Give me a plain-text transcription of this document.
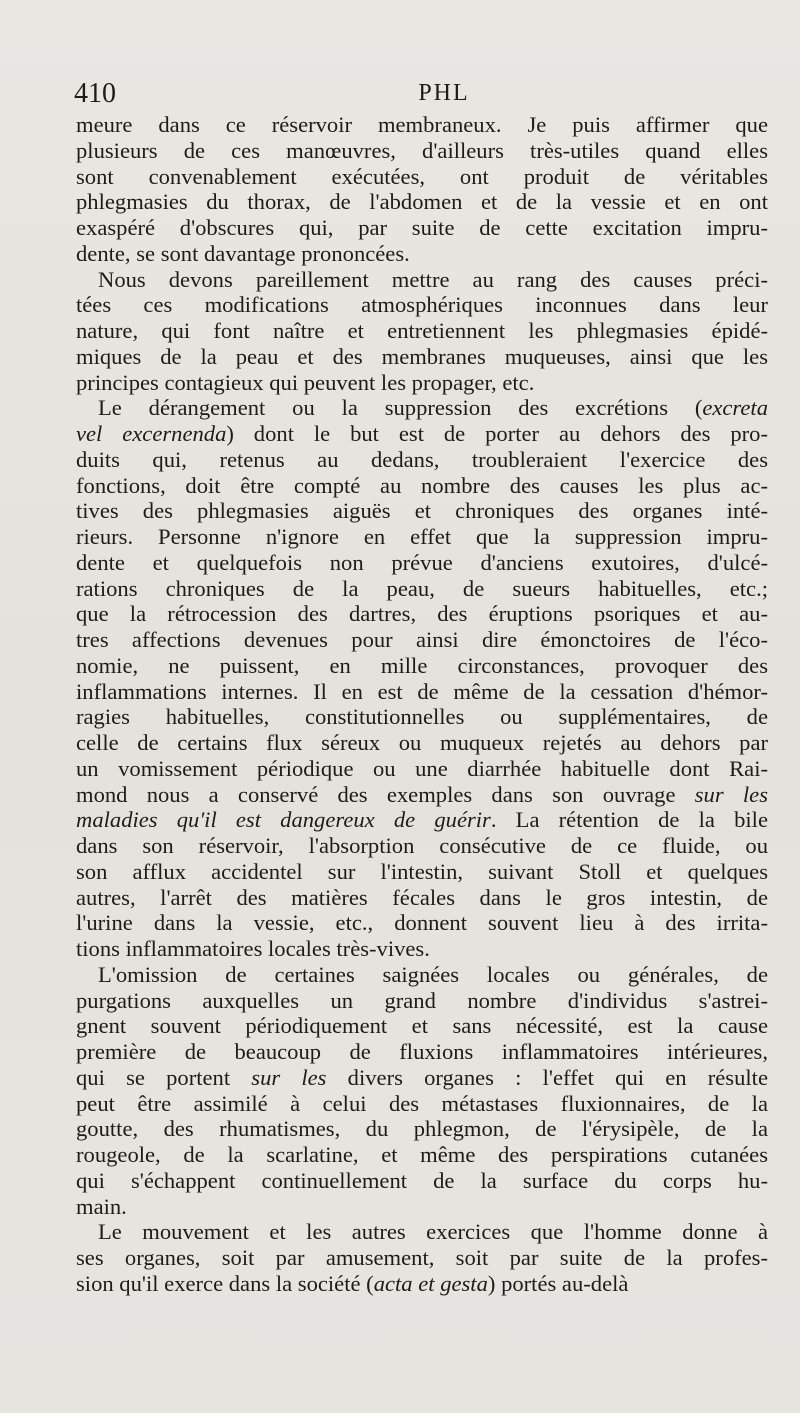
410	PHL
meure dans ce réservoir membraneux. Je puis affirmer que
plusieurs de ces manœuvres, d'ailleurs très-utiles quand elles
sont convenablement exécutées, ont produit de véritables
phlegmasies du thorax, de l'abdomen et de la vessie et en ont
exaspéré d'obscures qui, par suite de cette excitation impru-
dente, se sont davantage prononcées.
Nous devons pareillement mettre au rang des causes préci-
tées ces modifications atmosphériques inconnues dans leur
nature, qui font naître et entretiennent les phlegmasies épidé-
miques de la peau et des membranes muqueuses, ainsi que les
principes contagieux qui peuvent les propager, etc.
Le dérangement ou la suppression des excrétions (excreta
vel excernenda) dont le but est de porter au dehors des pro-
duits qui, retenus au dedans, troubleraient l'exercice des
fonctions, doit être compté au nombre des causes les plus ac-
tives des phlegmasies aiguës et chroniques des organes inté-
rieurs. Personne n'ignore en effet que la suppression impru-
dente et quelquefois non prévue d'anciens exutoires, d'ulcé-
rations chroniques de la peau, de sueurs habituelles, etc.;
que la rétrocession des dartres, des éruptions psoriques et au-
tres affections devenues pour ainsi dire émonctoires de l'éco-
nomie, ne puissent, en mille circonstances, provoquer des
inflammations internes. Il en est de même de la cessation d'hémor-
ragies habituelles, constitutionnelles ou supplémentaires, de
celle de certains flux séreux ou muqueux rejetés au dehors par
un vomissement périodique ou une diarrhée habituelle dont Rai-
mond nous a conservé des exemples dans son ouvrage sur les
maladies qu'il est dangereux de guérir. La rétention de la bile
dans son réservoir, l'absorption consécutive de ce fluide, ou
son afflux accidentel sur l'intestin, suivant Stoll et quelques
autres, l'arrêt des matières fécales dans le gros intestin, de
l'urine dans la vessie, etc., donnent souvent lieu à des irrita-
tions inflammatoires locales très-vives.
L'omission de certaines saignées locales ou générales, de
purgations auxquelles un grand nombre d'individus s'astrei-
gnent souvent périodiquement et sans nécessité, est la cause
première de beaucoup de fluxions inflammatoires intérieures,
qui se portent sur les divers organes : l'effet qui en résulte
peut être assimilé à celui des métastases fluxionnaires, de la
goutte, des rhumatismes, du phlegmon, de l'érysipèle, de la
rougeole, de la scarlatine, et même des perspirations cutanées
qui s'échappent continuellement de la surface du corps hu-
main.
Le mouvement et les autres exercices que l'homme donne à
ses organes, soit par amusement, soit par suite de la profes-
sion qu'il exerce dans la société (acta et gesta) portés au-delà
